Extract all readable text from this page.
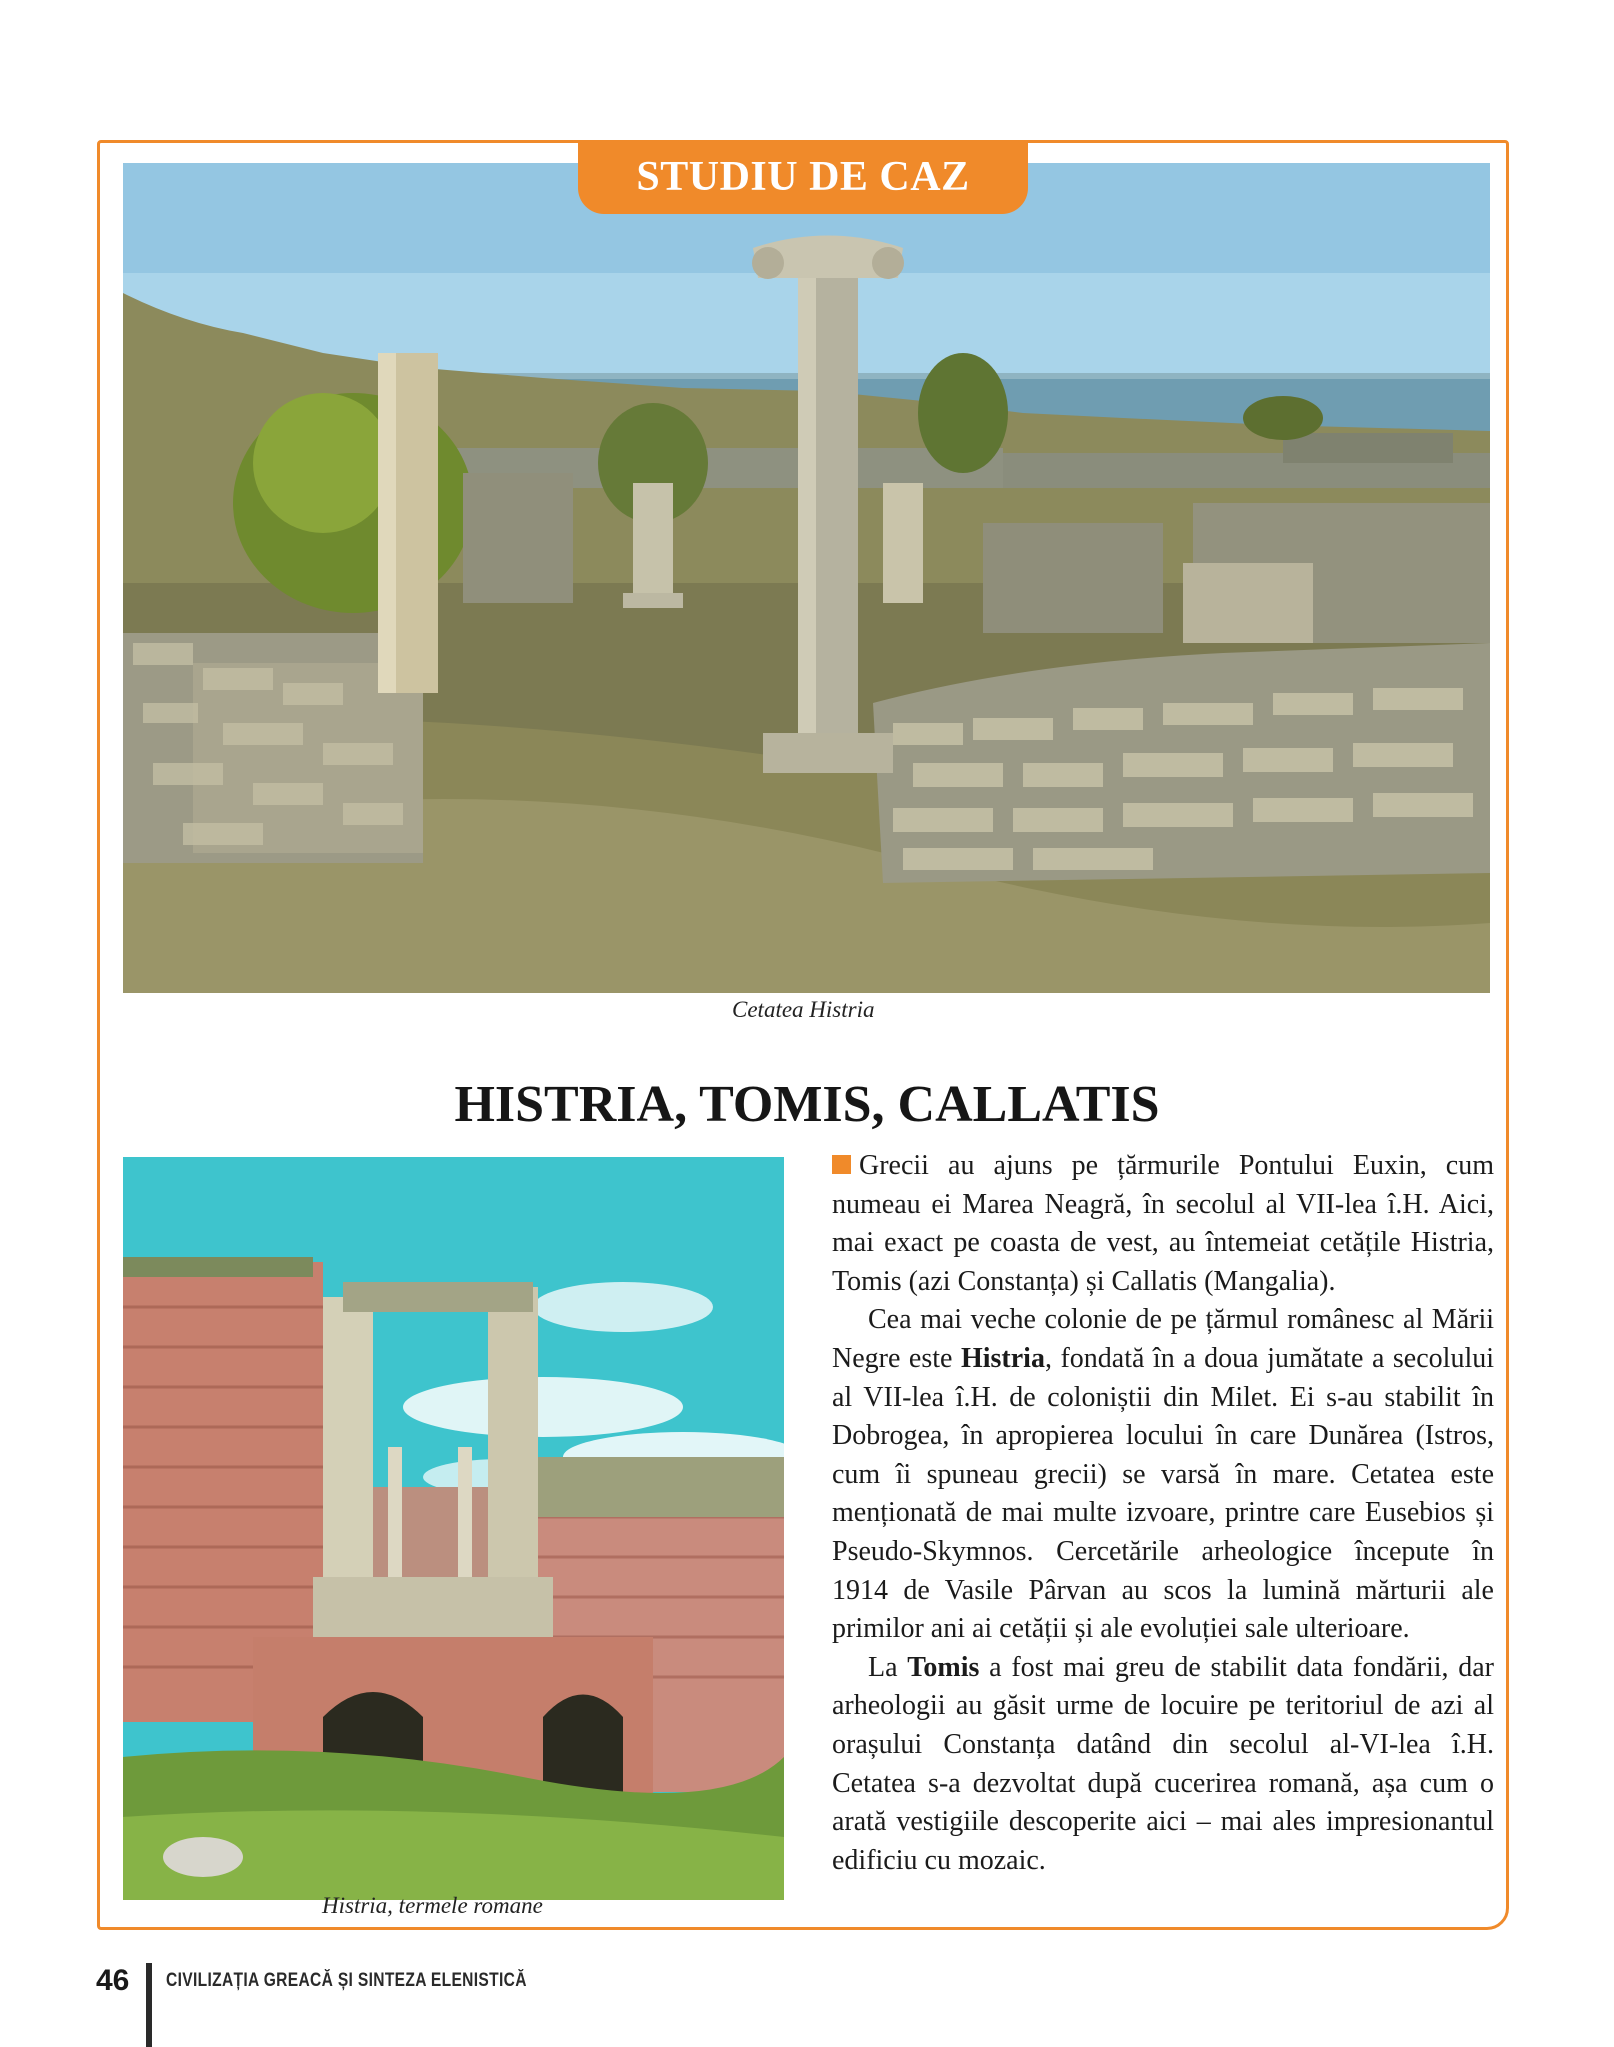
STUDIU DE CAZ
Cetatea Histria
HISTRIA, TOMIS, CALLATIS
Histria, termele romane

Grecii au ajuns pe țărmurile Pontului Euxin, cum numeau ei Marea Neagră, în secolul al VII-lea î.H. Aici, mai exact pe coasta de vest, au întemeiat cetățile Histria, Tomis (azi Constanța) și Callatis (Mangalia).

Cea mai veche colonie de pe țărmul românesc al Mării Negre este Histria, fondată în a doua jumătate a secolului al VII-lea î.H. de coloniștii din Milet. Ei s-au stabilit în Dobrogea, în apropierea locului în care Dunărea (Istros, cum îi spuneau grecii) se varsă în mare. Cetatea este menționată de mai multe izvoare, printre care Eusebios și Pseudo-Skymnos. Cercetările arheologice începute în 1914 de Vasile Pârvan au scos la lumină mărturii ale primilor ani ai cetății și ale evoluției sale ulterioare.

La Tomis a fost mai greu de stabilit data fondării, dar arheologii au găsit urme de locuire pe teritoriul de azi al orașului Constanța datând din secolul al-VI-lea î.H. Cetatea s-a dezvoltat după cucerirea romană, așa cum o arată vestigiile descoperite aici – mai ales impresionantul edificiu cu mozaic.

46 CIVILIZAȚIA GREACĂ ȘI SINTEZA ELENISTICĂ
